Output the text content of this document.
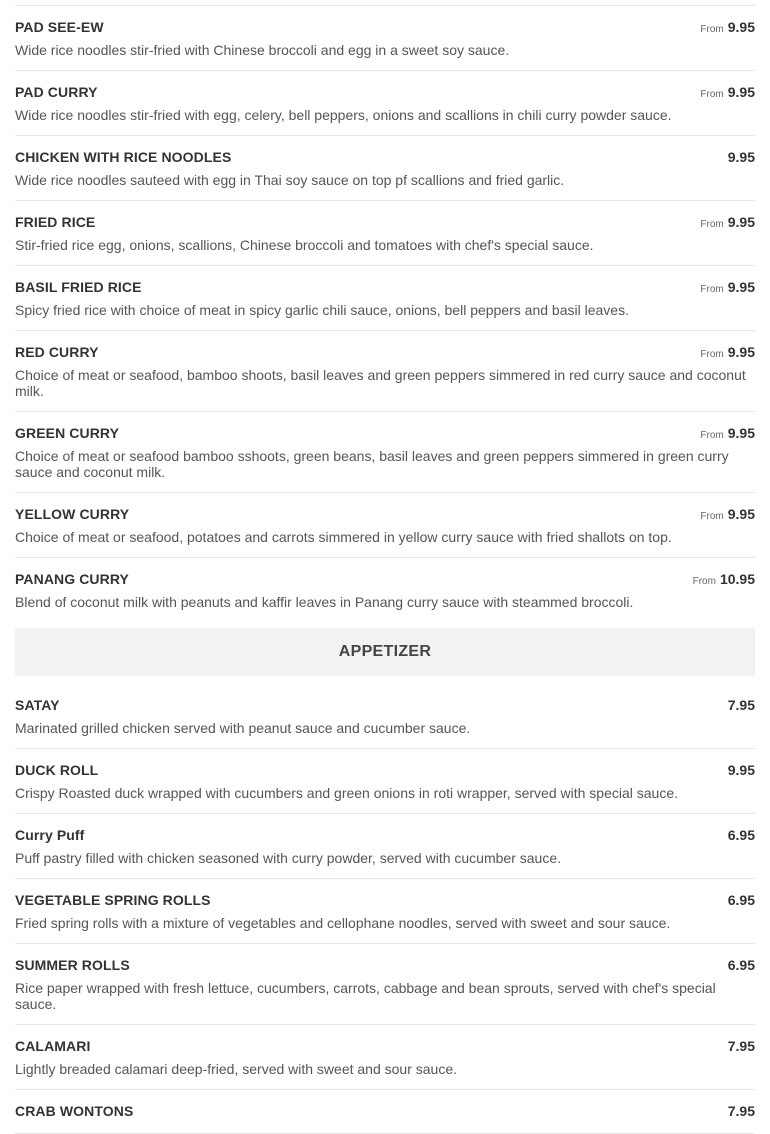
PAD SEE-EW	From 9.95
Wide rice noodles stir-fried with Chinese broccoli and egg in a sweet soy sauce.
PAD CURRY	From 9.95
Wide rice noodles stir-fried with egg, celery, bell peppers, onions and scallions in chili curry powder sauce.
CHICKEN WITH RICE NOODLES	9.95
Wide rice noodles sauteed with egg in Thai soy sauce on top pf scallions and fried garlic.
FRIED RICE	From 9.95
Stir-fried rice egg, onions, scallions, Chinese broccoli and tomatoes with chef's special sauce.
BASIL FRIED RICE	From 9.95
Spicy fried rice with choice of meat in spicy garlic chili sauce, onions, bell peppers and basil leaves.
RED CURRY	From 9.95
Choice of meat or seafood, bamboo shoots, basil leaves and green peppers simmered in red curry sauce and coconut milk.
GREEN CURRY	From 9.95
Choice of meat or seafood bamboo sshoots, green beans, basil leaves and green peppers simmered in green curry sauce and coconut milk.
YELLOW CURRY	From 9.95
Choice of meat or seafood, potatoes and carrots simmered in yellow curry sauce with fried shallots on top.
PANANG CURRY	From 10.95
Blend of coconut milk with peanuts and kaffir leaves in Panang curry sauce with steammed broccoli.
APPETIZER
SATAY	7.95
Marinated grilled chicken served with peanut sauce and cucumber sauce.
DUCK ROLL	9.95
Crispy Roasted duck wrapped with cucumbers and green onions in roti wrapper, served with special sauce.
Curry Puff	6.95
Puff pastry filled with chicken seasoned with curry powder, served with cucumber sauce.
VEGETABLE SPRING ROLLS	6.95
Fried spring rolls with a mixture of vegetables and cellophane noodles, served with sweet and sour sauce.
SUMMER ROLLS	6.95
Rice paper wrapped with fresh lettuce, cucumbers, carrots, cabbage and bean sprouts, served with chef's special sauce.
CALAMARI	7.95
Lightly breaded calamari deep-fried, served with sweet and sour sauce.
CRAB WONTONS	7.95
